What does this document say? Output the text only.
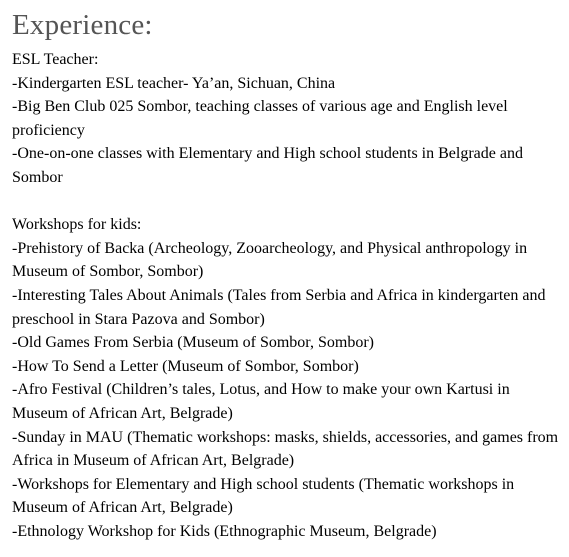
Experience:

ESL Teacher:

-Kindergarten ESL teacher- Ya’an, Sichuan, China

-Big Ben Club 025 Sombor, teaching classes of various age and English level proficiency

-One-on-one classes with Elementary and High school students in Belgrade and Sombor

Workshops for kids:

-Prehistory of Backa (Archeology, Zooarcheology, and Physical anthropology in Museum of Sombor, Sombor)

-Interesting Tales About Animals (Tales from Serbia and Africa in kindergarten and preschool in Stara Pazova and Sombor)

-Old Games From Serbia (Museum of Sombor, Sombor)

-How To Send a Letter (Museum of Sombor, Sombor)

-Afro Festival (Children’s tales, Lotus, and How to make your own Kartusi in Museum of African Art, Belgrade)

-Sunday in MAU (Thematic workshops: masks, shields, accessories, and games from Africa in Museum of African Art, Belgrade)

-Workshops for Elementary and High school students (Thematic workshops in Museum of African Art, Belgrade)

-Ethnology Workshop for Kids (Ethnographic Museum, Belgrade)
